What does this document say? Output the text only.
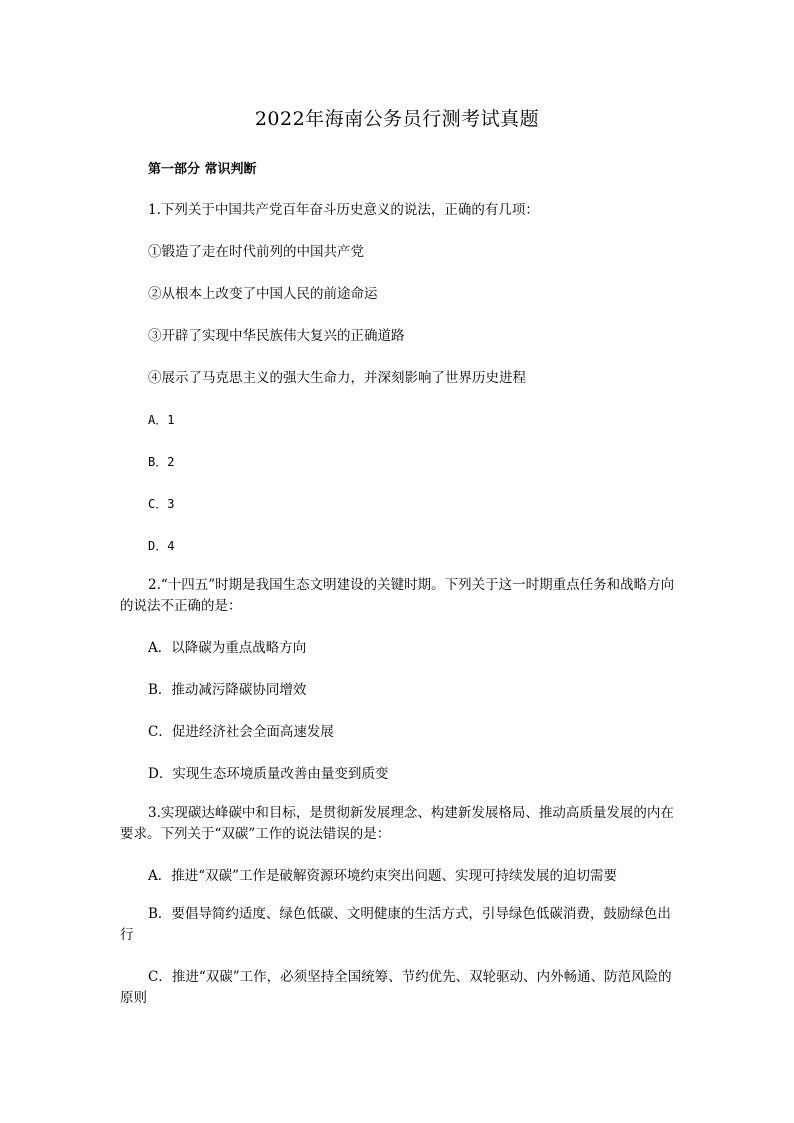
2022年海南公务员行测考试真题
第一部分 常识判断
1.下列关于中国共产党百年奋斗历史意义的说法，正确的有几项：
①锻造了走在时代前列的中国共产党
②从根本上改变了中国人民的前途命运
③开辟了实现中华民族伟大复兴的正确道路
④展示了马克思主义的强大生命力，并深刻影响了世界历史进程
A．1
B．2
C．3
D．4
2.“十四五”时期是我国生态文明建设的关键时期。下列关于这一时期重点任务和战略方向的说法不正确的是：
A．以降碳为重点战略方向
B．推动减污降碳协同增效
C．促进经济社会全面高速发展
D．实现生态环境质量改善由量变到质变
3.实现碳达峰碳中和目标，是贯彻新发展理念、构建新发展格局、推动高质量发展的内在要求。下列关于“双碳”工作的说法错误的是：
A．推进“双碳”工作是破解资源环境约束突出问题、实现可持续发展的迫切需要
B．要倡导简约适度、绿色低碳、文明健康的生活方式，引导绿色低碳消费，鼓励绿色出行
C．推进“双碳”工作，必须坚持全国统筹、节约优先、双轮驱动、内外畅通、防范风险的原则
